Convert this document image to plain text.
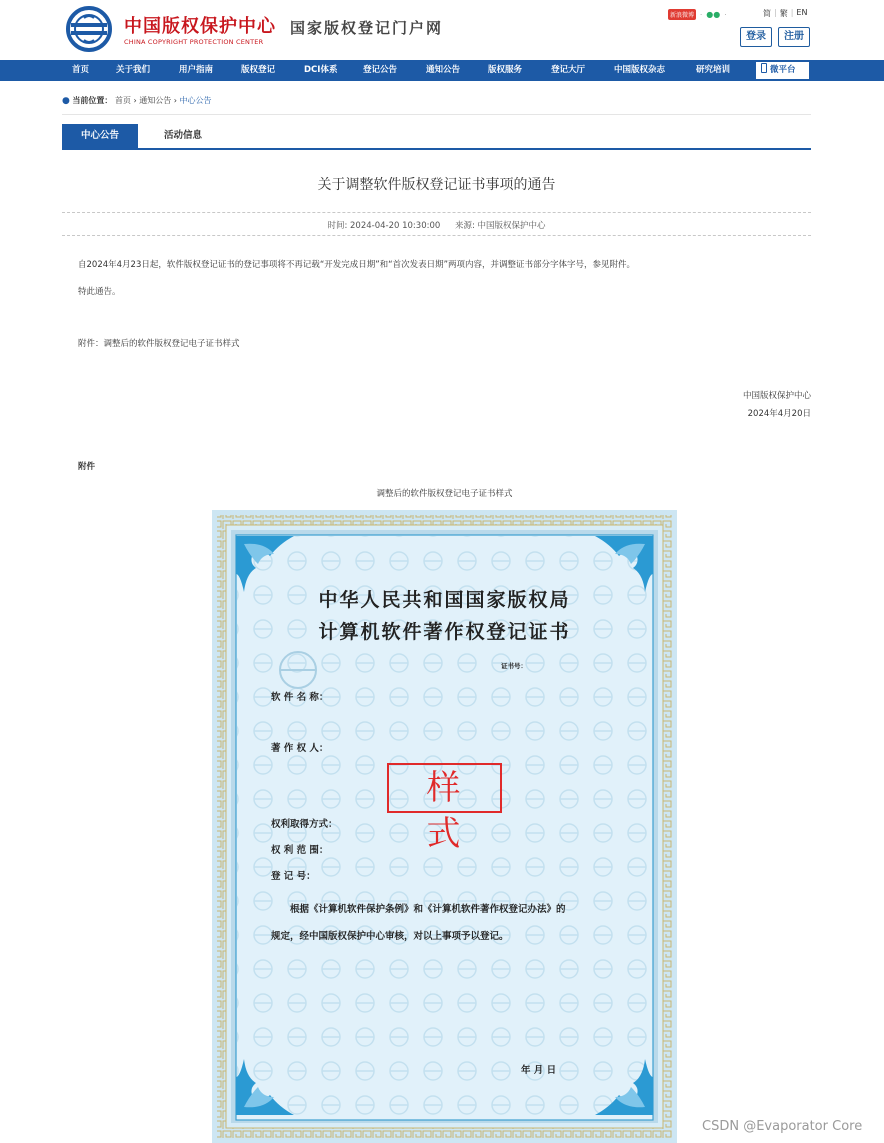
中国版权保护中心
CHINA COPYRIGHT PROTECTION CENTER
国家版权登记门户网
新浪微博 · ●● ·	简 | 繁 | EN
登录	注册
首页	关于我们	用户指南	版权登记	DCI体系	登记公告	通知公告	版权服务	登记大厅	中国版权杂志	研究培训	微平台
● 当前位置： 首页 › 通知公告 › 中心公告
中心公告	活动信息
关于调整软件版权登记证书事项的通告
时间: 2024-04-20 10:30:00 来源: 中国版权保护中心
自2024年4月23日起，软件版权登记证书的登记事项将不再记载“开发完成日期”和“首次发表日期”两项内容，并调整证书部分字体字号，参见附件。
特此通告。
附件：调整后的软件版权登记电子证书样式
中国版权保护中心
2024年4月20日
附件
调整后的软件版权登记电子证书样式
中华人民共和国国家版权局
计算机软件著作权登记证书
证书号：
软 件 名 称：
著 作 权 人：
样式
权利取得方式：
权 利 范 围：
登 记 号：
根据《计算机软件保护条例》和《计算机软件著作权登记办法》的
规定，经中国版权保护中心审核，对以上事项予以登记。
年 月 日
CSDN @Evaporator Core
